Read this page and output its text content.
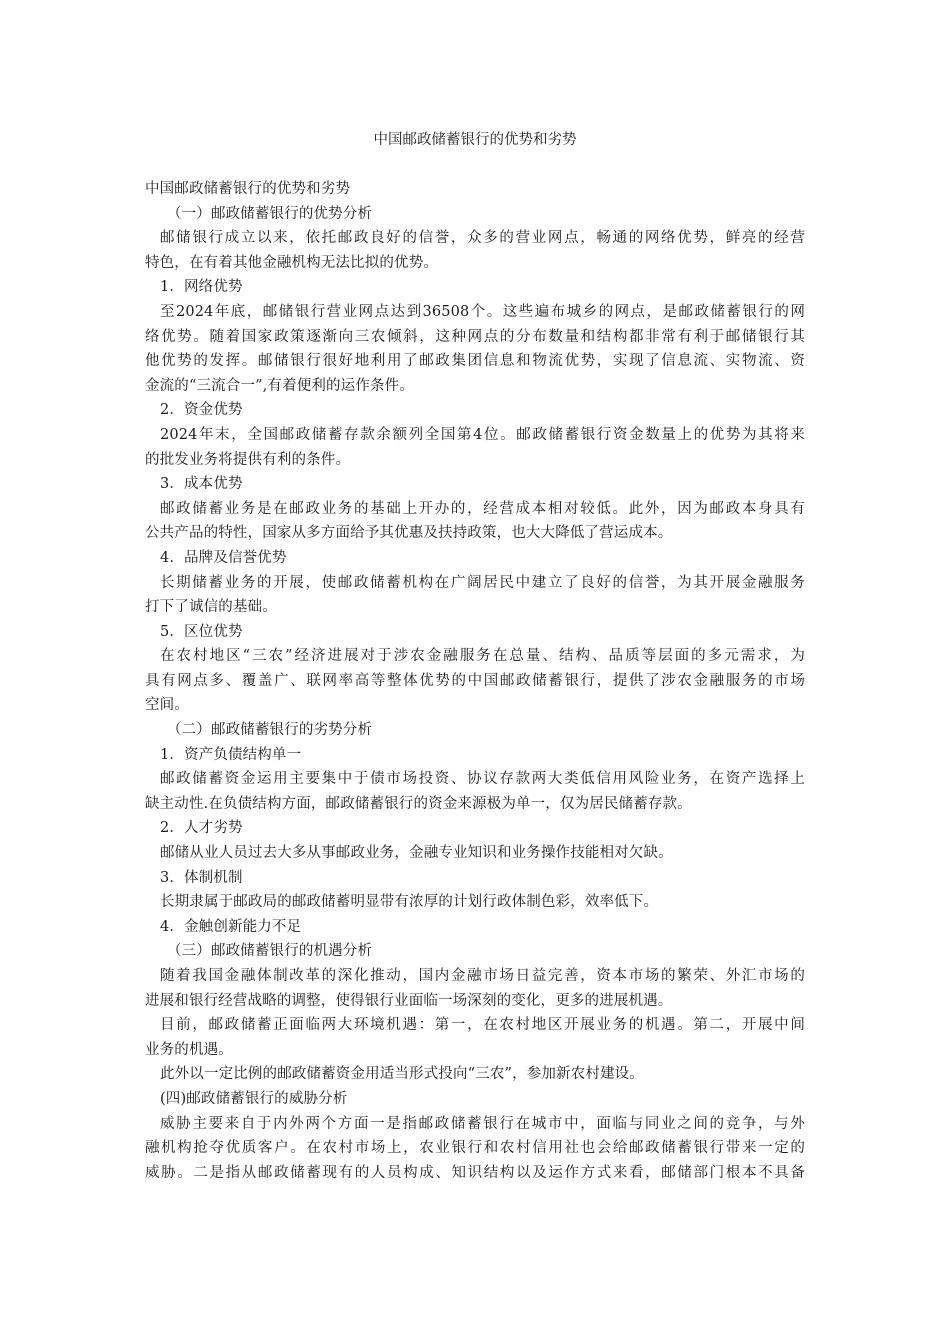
中国邮政储蓄银行的优势和劣势
中国邮政储蓄银行的优势和劣势
（一）邮政储蓄银行的优势分析
邮储银行成立以来，依托邮政良好的信誉，众多的营业网点，畅通的网络优势，鲜亮的经营
特色，在有着其他金融机构无法比拟的优势。
1．网络优势
至2024年底，邮储银行营业网点达到36508个。这些遍布城乡的网点，是邮政储蓄银行的网
络优势。随着国家政策逐渐向三农倾斜，这种网点的分布数量和结构都非常有利于邮储银行其
他优势的发挥。邮储银行很好地利用了邮政集团信息和物流优势，实现了信息流、实物流、资
金流的“三流合一”,有着便利的运作条件。
2．资金优势
2024年末，全国邮政储蓄存款余额列全国第4位。邮政储蓄银行资金数量上的优势为其将来
的批发业务将提供有利的条件。
3．成本优势
邮政储蓄业务是在邮政业务的基础上开办的，经营成本相对较低。此外，因为邮政本身具有
公共产品的特性，国家从多方面给予其优惠及扶持政策，也大大降低了营运成本。
4．品牌及信誉优势
长期储蓄业务的开展，使邮政储蓄机构在广阔居民中建立了良好的信誉，为其开展金融服务
打下了诚信的基础。
5．区位优势
在农村地区“三农”经济进展对于涉农金融服务在总量、结构、品质等层面的多元需求，为
具有网点多、覆盖广、联网率高等整体优势的中国邮政储蓄银行，提供了涉农金融服务的市场
空间。
（二）邮政储蓄银行的劣势分析
1．资产负债结构单一
邮政储蓄资金运用主要集中于债市场投资、协议存款两大类低信用风险业务，在资产选择上
缺主动性.在负债结构方面，邮政储蓄银行的资金来源极为单一，仅为居民储蓄存款。
2．人才劣势
邮储从业人员过去大多从事邮政业务，金融专业知识和业务操作技能相对欠缺。
3．体制机制
长期隶属于邮政局的邮政储蓄明显带有浓厚的计划行政体制色彩，效率低下。
4．金触创新能力不足
（三）邮政储蓄银行的机遇分析
随着我国金融体制改革的深化推动，国内金融市场日益完善，资本市场的繁荣、外汇市场的
进展和银行经营战略的调整，使得银行业面临一场深刻的变化，更多的进展机遇。
目前，邮政储蓄正面临两大环境机遇：第一，在农村地区开展业务的机遇。第二，开展中间
业务的机遇。
此外以一定比例的邮政储蓄资金用适当形式投向“三农”，参加新农村建设。
(四)邮政储蓄银行的威胁分析
威胁主要来自于内外两个方面一是指邮政储蓄银行在城市中，面临与同业之间的竞争，与外
融机构抢夺优质客户。在农村市场上，农业银行和农村信用社也会给邮政储蓄银行带来一定的
威胁。二是指从邮政储蓄现有的人员构成、知识结构以及运作方式来看，邮储部门根本不具备
